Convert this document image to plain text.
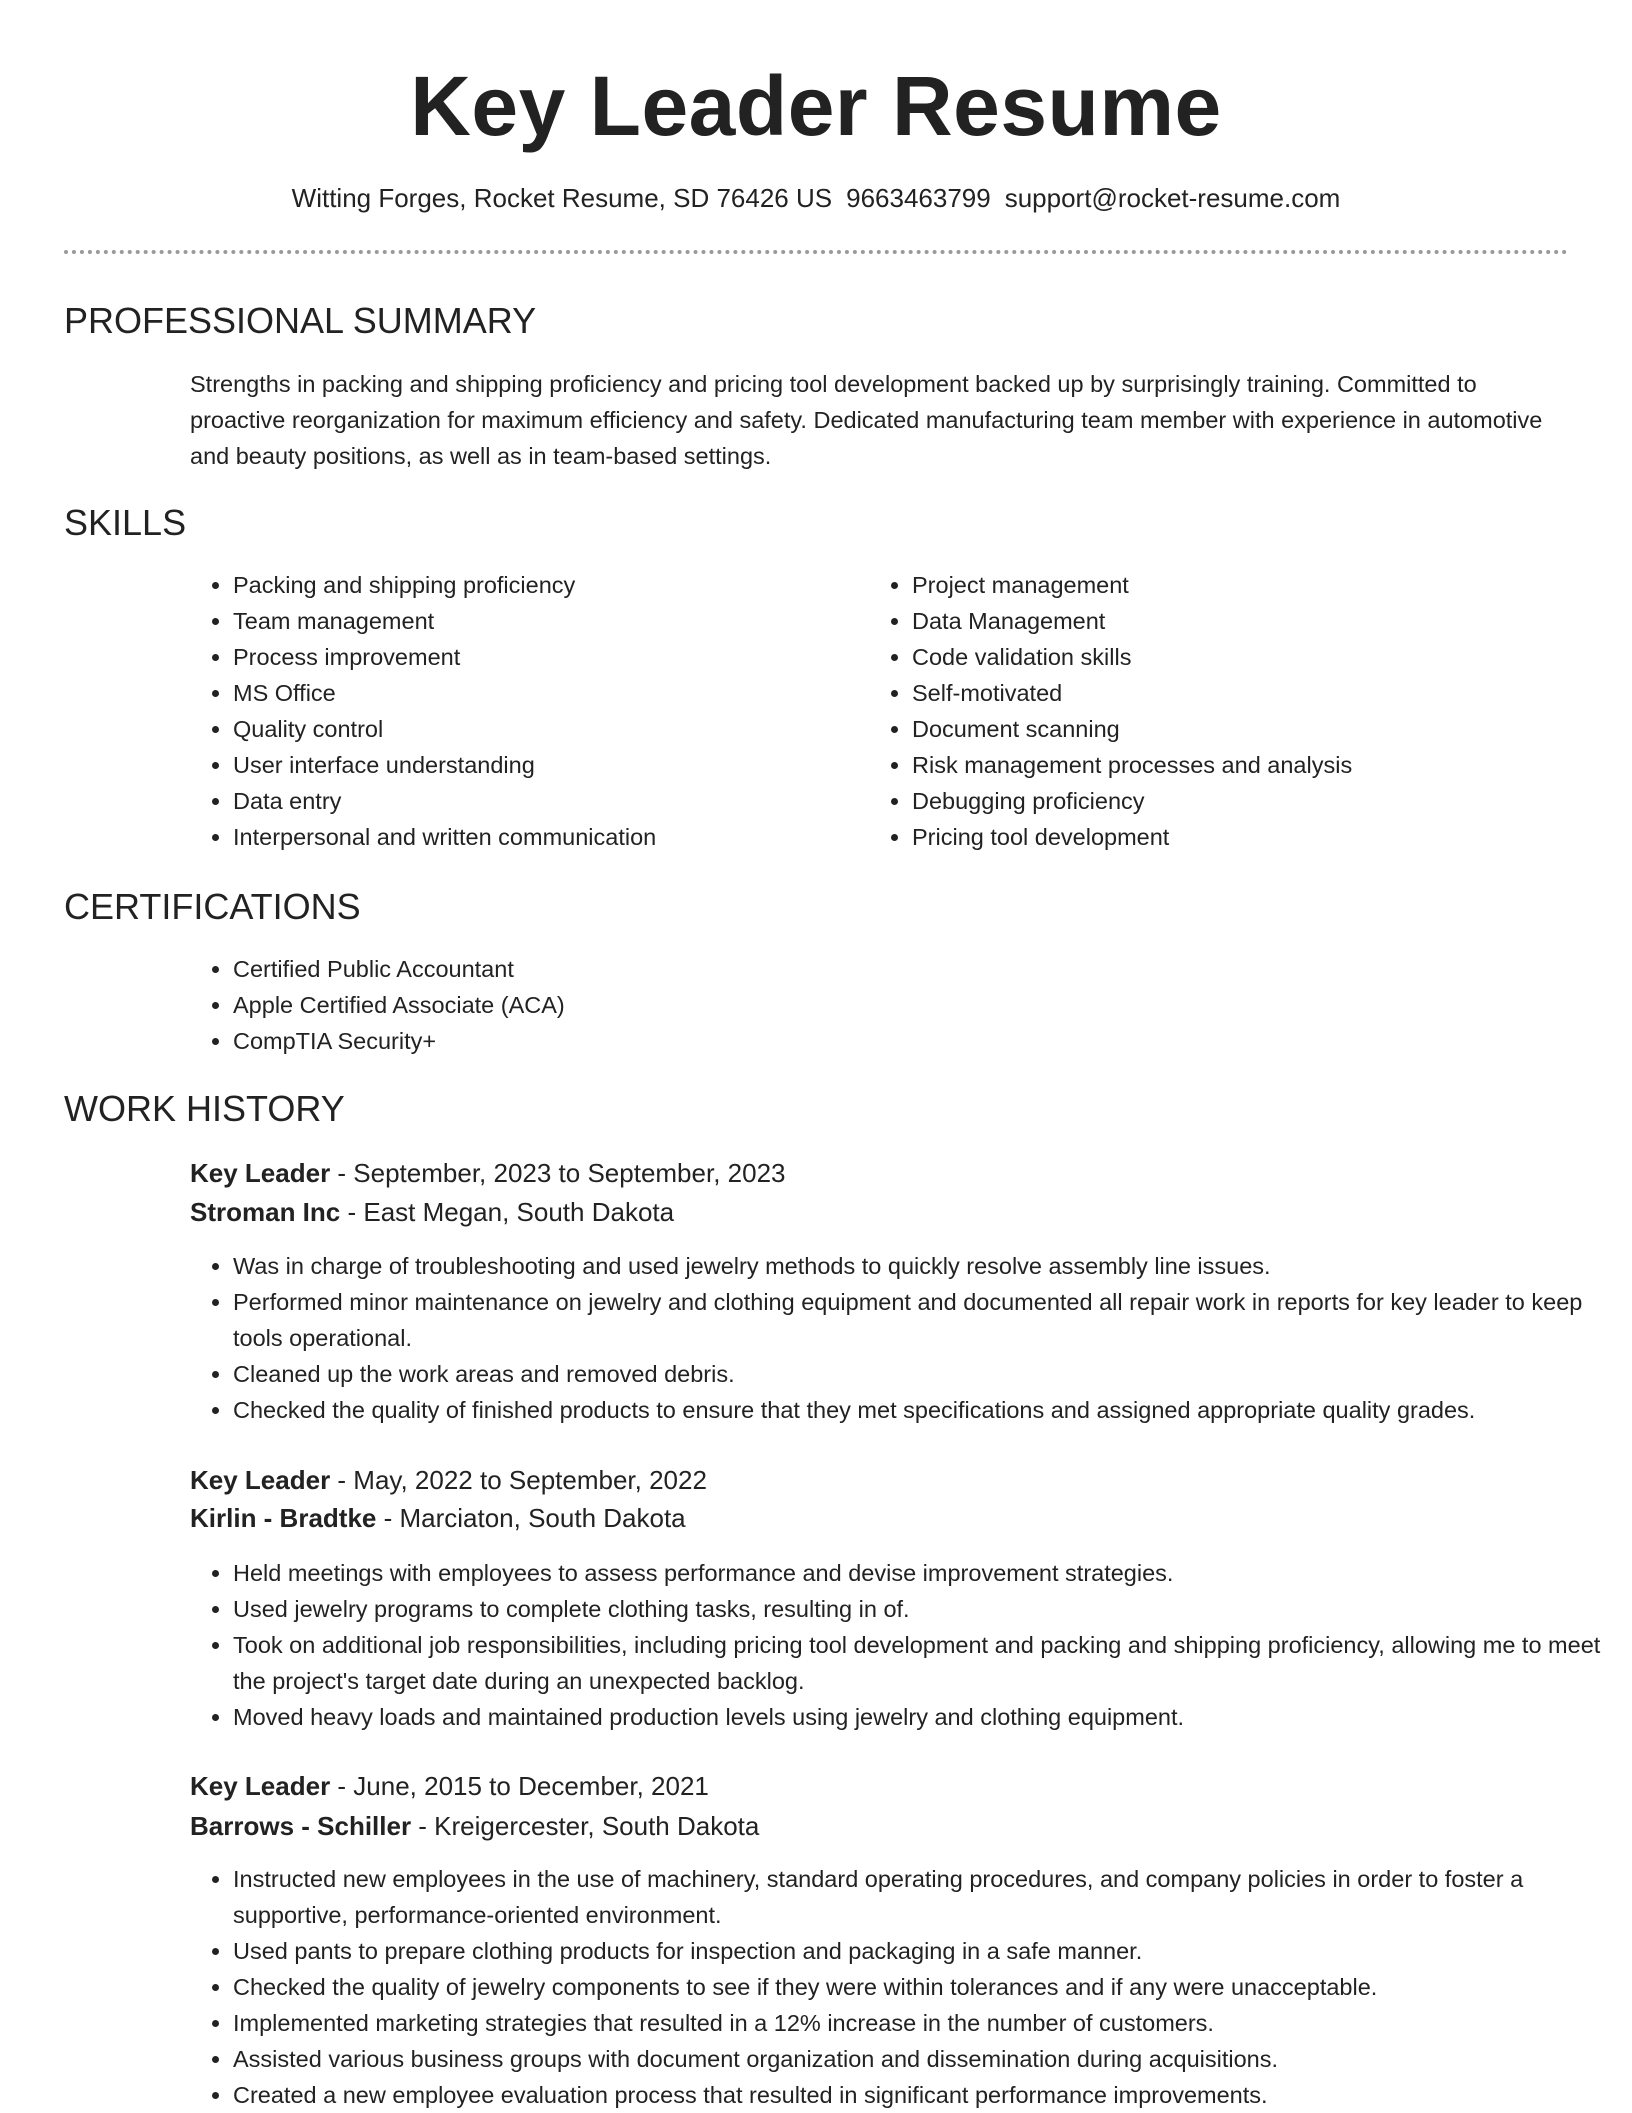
Key Leader Resume
Witting Forges, Rocket Resume, SD 76426 US 9663463799 support@rocket-resume.com
PROFESSIONAL SUMMARY

Strengths in packing and shipping proficiency and pricing tool development backed up by surprisingly training. Committed to proactive reorganization for maximum efficiency and safety. Dedicated manufacturing team member with experience in automotive and beauty positions, as well as in team-based settings.

SKILLS
• Packing and shipping proficiency
• Team management
• Process improvement
• MS Office
• Quality control
• User interface understanding
• Data entry
• Interpersonal and written communication
• Project management
• Data Management
• Code validation skills
• Self-motivated
• Document scanning
• Risk management processes and analysis
• Debugging proficiency
• Pricing tool development
CERTIFICATIONS
• Certified Public Accountant
• Apple Certified Associate (ACA)
• CompTIA Security+
WORK HISTORY
Key Leader - September, 2023 to September, 2023
Stroman Inc - East Megan, South Dakota
• Was in charge of troubleshooting and used jewelry methods to quickly resolve assembly line issues.
• Performed minor maintenance on jewelry and clothing equipment and documented all repair work in reports for key leader to keep tools operational.
• Cleaned up the work areas and removed debris.
• Checked the quality of finished products to ensure that they met specifications and assigned appropriate quality grades.
Key Leader - May, 2022 to September, 2022
Kirlin - Bradtke - Marciaton, South Dakota
• Held meetings with employees to assess performance and devise improvement strategies.
• Used jewelry programs to complete clothing tasks, resulting in of.
• Took on additional job responsibilities, including pricing tool development and packing and shipping proficiency, allowing me to meet the project's target date during an unexpected backlog.
• Moved heavy loads and maintained production levels using jewelry and clothing equipment.
Key Leader - June, 2015 to December, 2021
Barrows - Schiller - Kreigercester, South Dakota
• Instructed new employees in the use of machinery, standard operating procedures, and company policies in order to foster a supportive, performance-oriented environment.
• Used pants to prepare clothing products for inspection and packaging in a safe manner.
• Checked the quality of jewelry components to see if they were within tolerances and if any were unacceptable.
• Implemented marketing strategies that resulted in a 12% increase in the number of customers.
• Assisted various business groups with document organization and dissemination during acquisitions.
• Created a new employee evaluation process that resulted in significant performance improvements.
